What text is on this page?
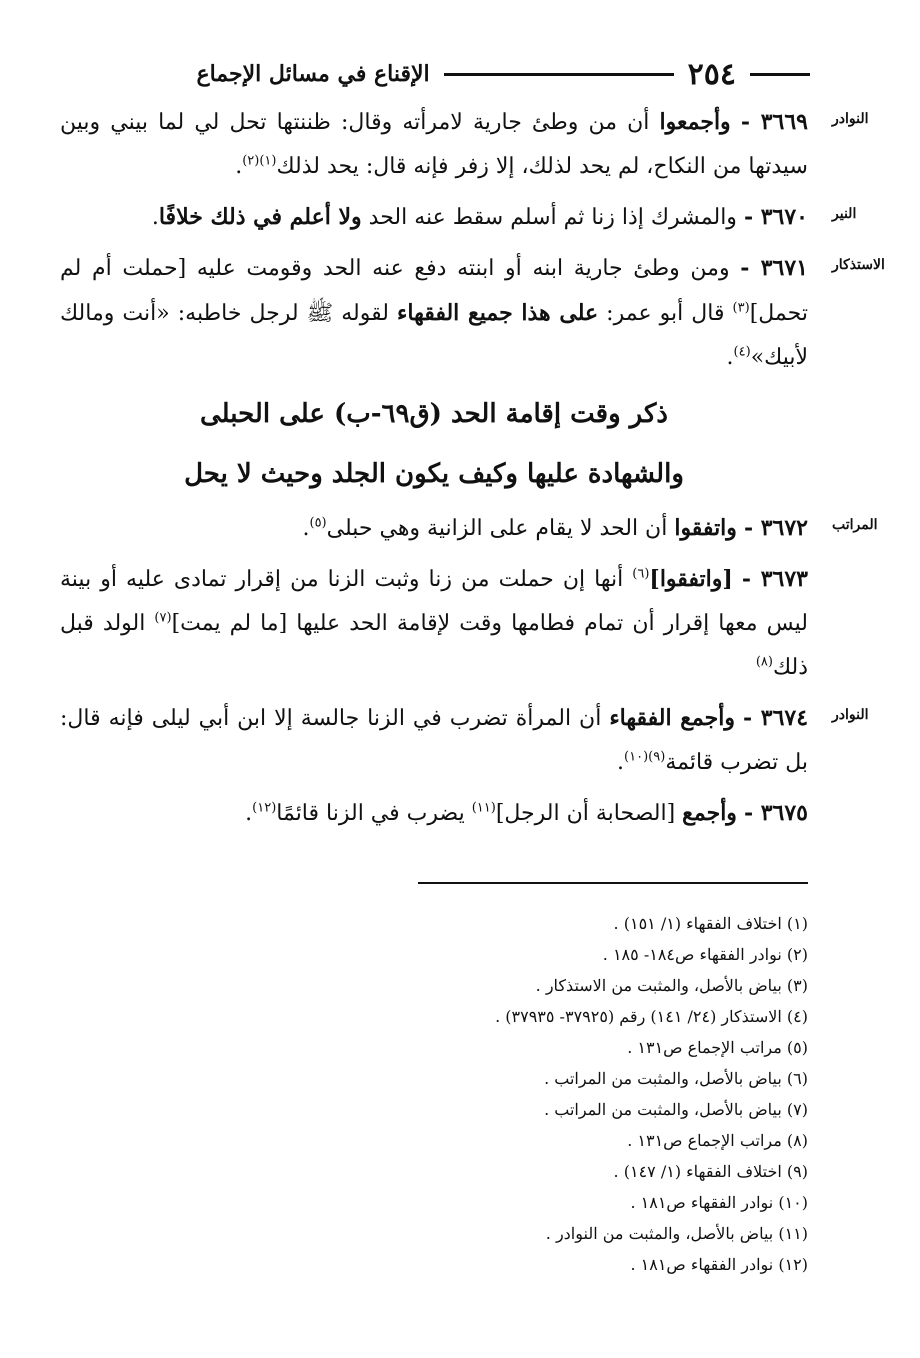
٢٥٤
الإقناع في مسائل الإجماع

النوادر
٣٦٦٩ - وأجمعوا أن من وطئ جارية لامرأته وقال: ظننتها تحل لي لما بيني وبين سيدتها من النكاح، لم يحد لذلك، إلا زفر فإنه قال: يحد لذلك$^{(١)(٢)}$.

النير
٣٦٧٠ - والمشرك إذا زنا ثم أسلم سقط عنه الحد ولا أعلم في ذلك خلافًا.

الاستذكار
٣٦٧١ - ومن وطئ جارية ابنه أو ابنته دفع عنه الحد وقومت عليه [حملت أم لم تحمل]$^{(٣)}$ قال أبو عمر: على هذا جميع الفقهاء لقوله ﷺ لرجل خاطبه: «أنت ومالك لأبيك»$^{(٤)}$.

ذكر وقت إقامة الحد (ق٦٩-ب) على الحبلى
والشهادة عليها وكيف يكون الجلد وحيث لا يحل

المراتب
٣٦٧٢ - واتفقوا أن الحد لا يقام على الزانية وهي حبلى$^{(٥)}$.

٣٦٧٣ - [واتفقوا]$^{(٦)}$ أنها إن حملت من زنا وثبت الزنا من إقرار تمادى عليه أو بينة ليس معها إقرار أن تمام فطامها وقت لإقامة الحد عليها [ما لم يمت]$^{(٧)}$ الولد قبل ذلك$^{(٨)}$

النوادر
٣٦٧٤ - وأجمع الفقهاء أن المرأة تضرب في الزنا جالسة إلا ابن أبي ليلى فإنه قال: بل تضرب قائمة$^{(٩)(١٠)}$.

٣٦٧٥ - وأجمع [الصحابة أن الرجل]$^{(١١)}$ يضرب في الزنا قائمًا$^{(١٢)}$.

(١) اختلاف الفقهاء (١/ ١٥١) .
(٢) نوادر الفقهاء ص١٨٤- ١٨٥ .
(٣) بياض بالأصل، والمثبت من الاستذكار .
(٤) الاستذكار (٢٤/ ١٤١) رقم (٣٧٩٢٥- ٣٧٩٣٥) .
(٥) مراتب الإجماع ص١٣١ .
(٦) بياض بالأصل، والمثبت من المراتب .
(٧) بياض بالأصل، والمثبت من المراتب .
(٨) مراتب الإجماع ص١٣١ .
(٩) اختلاف الفقهاء (١/ ١٤٧) .
(١٠) نوادر الفقهاء ص١٨١ .
(١١) بياض بالأصل، والمثبت من النوادر .
(١٢) نوادر الفقهاء ص١٨١ .
